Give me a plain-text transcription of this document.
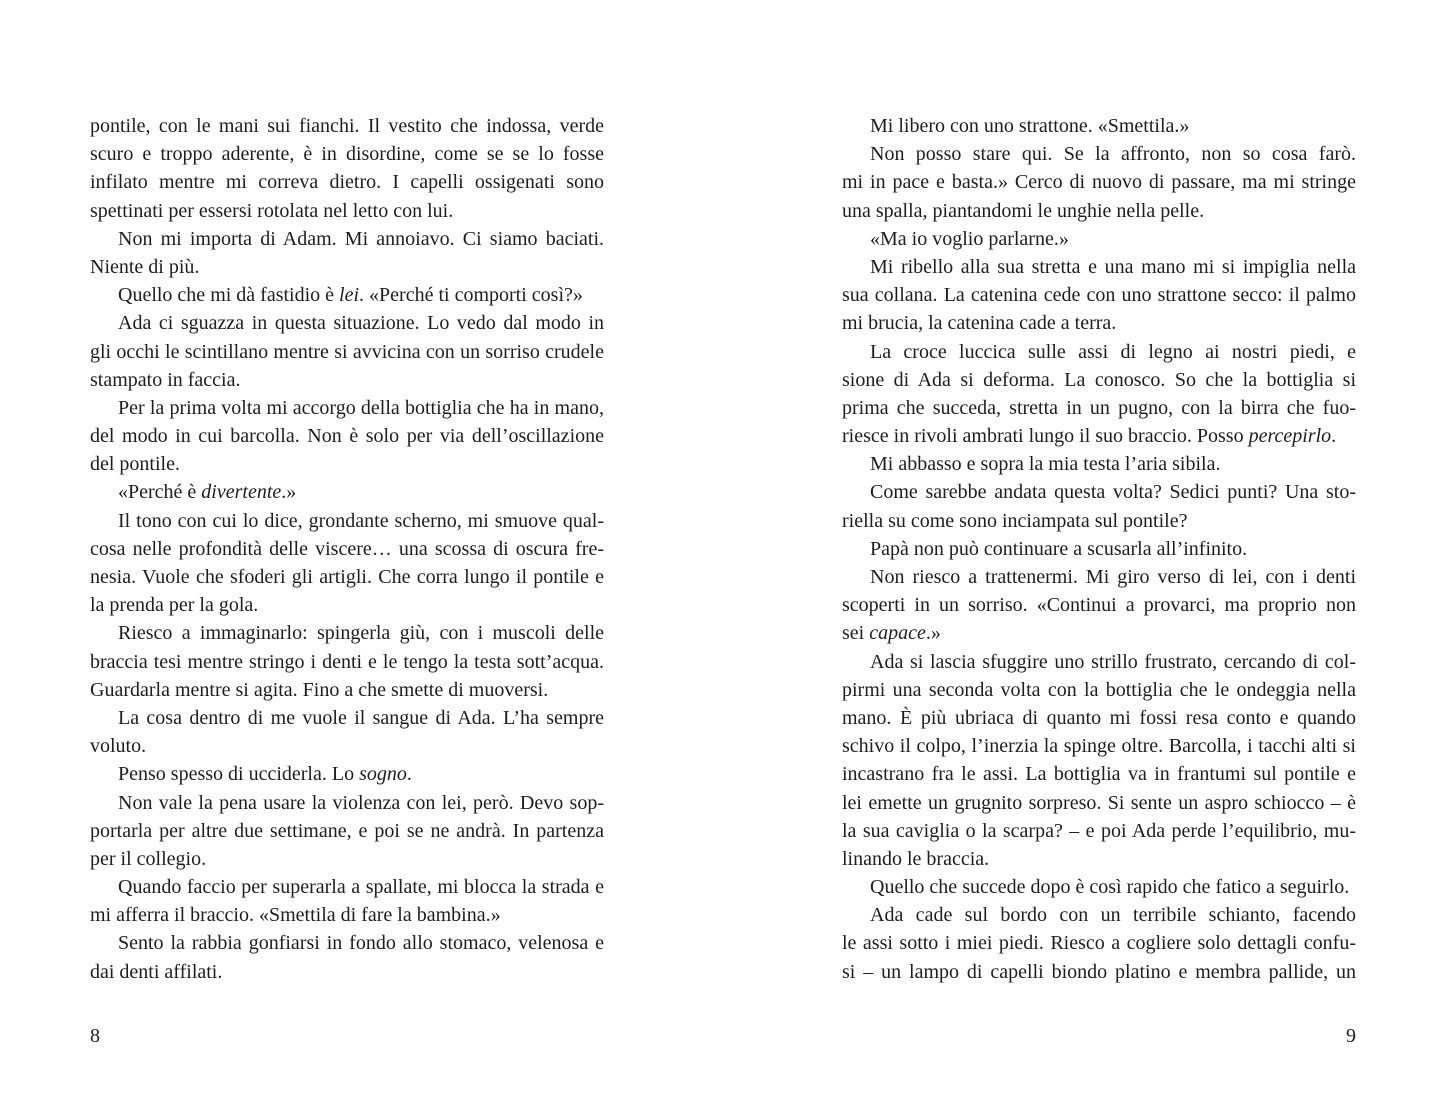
pontile, con le mani sui fianchi. Il vestito che indossa, verde
scuro e troppo aderente, è in disordine, come se se lo fosse
infilato mentre mi correva dietro. I capelli ossigenati sono
spettinati per essersi rotolata nel letto con lui.
Non mi importa di Adam. Mi annoiavo. Ci siamo baciati.
Niente di più.
Quello che mi dà fastidio è lei. «Perché ti comporti così?»
Ada ci sguazza in questa situazione. Lo vedo dal modo in
gli occhi le scintillano mentre si avvicina con un sorriso crudele
stampato in faccia.
Per la prima volta mi accorgo della bottiglia che ha in mano,
del modo in cui barcolla. Non è solo per via dell’oscillazione
del pontile.
«Perché è divertente.»
Il tono con cui lo dice, grondante scherno, mi smuove qual-
cosa nelle profondità delle viscere… una scossa di oscura fre-
nesia. Vuole che sfoderi gli artigli. Che corra lungo il pontile e
la prenda per la gola.
Riesco a immaginarlo: spingerla giù, con i muscoli delle
braccia tesi mentre stringo i denti e le tengo la testa sott’acqua.
Guardarla mentre si agita. Fino a che smette di muoversi.
La cosa dentro di me vuole il sangue di Ada. L’ha sempre
voluto.
Penso spesso di ucciderla. Lo sogno.
Non vale la pena usare la violenza con lei, però. Devo sop-
portarla per altre due settimane, e poi se ne andrà. In partenza
per il collegio.
Quando faccio per superarla a spallate, mi blocca la strada e
mi afferra il braccio. «Smettila di fare la bambina.»
Sento la rabbia gonfiarsi in fondo allo stomaco, velenosa e
dai denti affilati.
8
Mi libero con uno strattone. «Smettila.»
Non posso stare qui. Se la affronto, non so cosa farò.
mi in pace e basta.» Cerco di nuovo di passare, ma mi stringe
una spalla, piantandomi le unghie nella pelle.
«Ma io voglio parlarne.»
Mi ribello alla sua stretta e una mano mi si impiglia nella
sua collana. La catenina cede con uno strattone secco: il palmo
mi brucia, la catenina cade a terra.
La croce luccica sulle assi di legno ai nostri piedi, e
sione di Ada si deforma. La conosco. So che la bottiglia si
prima che succeda, stretta in un pugno, con la birra che fuo-
riesce in rivoli ambrati lungo il suo braccio. Posso percepirlo.
Mi abbasso e sopra la mia testa l’aria sibila.
Come sarebbe andata questa volta? Sedici punti? Una sto-
riella su come sono inciampata sul pontile?
Papà non può continuare a scusarla all’infinito.
Non riesco a trattenermi. Mi giro verso di lei, con i denti
scoperti in un sorriso. «Continui a provarci, ma proprio non
sei capace.»
Ada si lascia sfuggire uno strillo frustrato, cercando di col-
pirmi una seconda volta con la bottiglia che le ondeggia nella
mano. È più ubriaca di quanto mi fossi resa conto e quando
schivo il colpo, l’inerzia la spinge oltre. Barcolla, i tacchi alti si
incastrano fra le assi. La bottiglia va in frantumi sul pontile e
lei emette un grugnito sorpreso. Si sente un aspro schiocco – è
la sua caviglia o la scarpa? – e poi Ada perde l’equilibrio, mu-
linando le braccia.
Quello che succede dopo è così rapido che fatico a seguirlo.
Ada cade sul bordo con un terribile schianto, facendo
le assi sotto i miei piedi. Riesco a cogliere solo dettagli confu-
si – un lampo di capelli biondo platino e membra pallide, un
9
